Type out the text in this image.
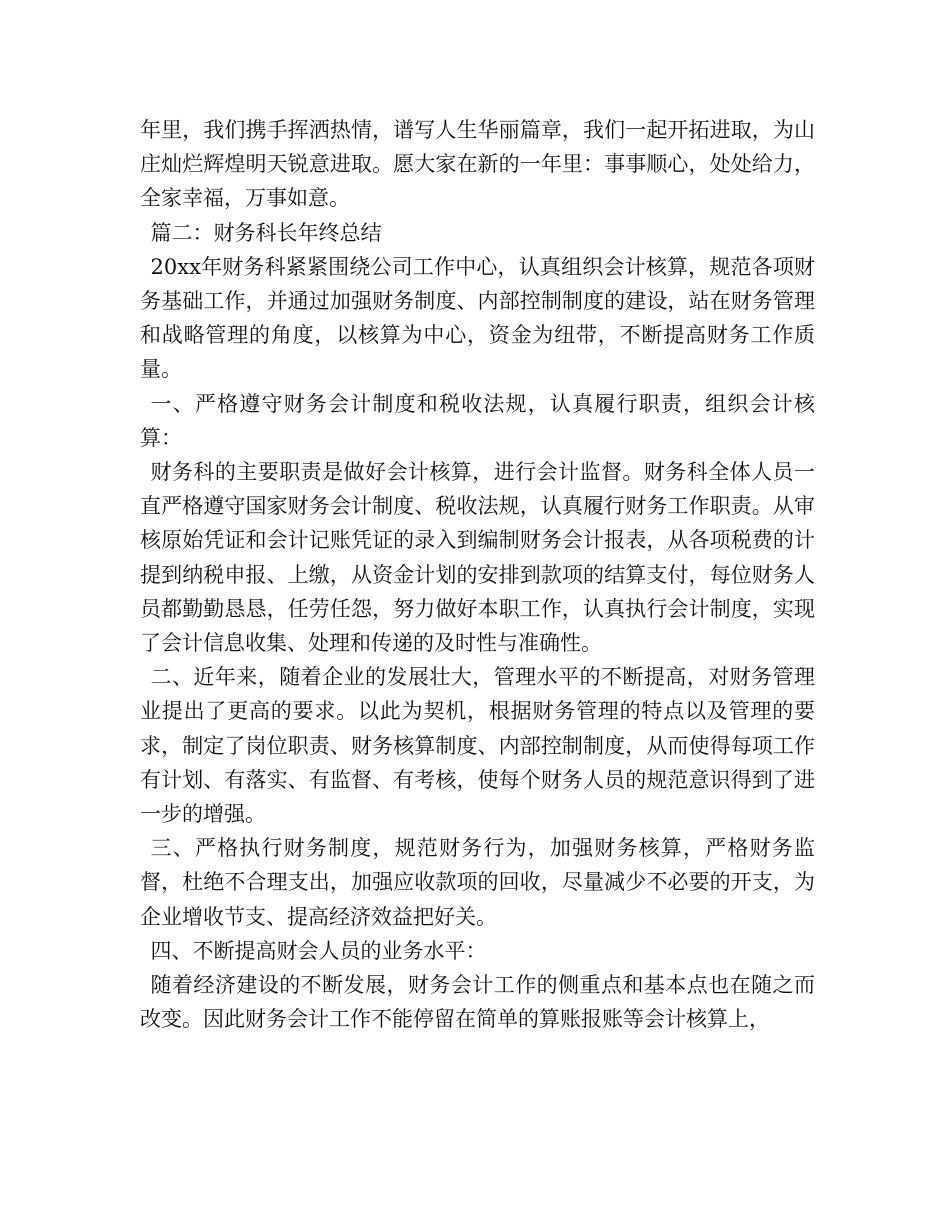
年里，我们携手挥洒热情，谱写人生华丽篇章，我们一起开拓进取，为山庄灿烂辉煌明天锐意进取。愿大家在新的一年里：事事顺心，处处给力，全家幸福，万事如意。

篇二：财务科长年终总结

20xx年财务科紧紧围绕公司工作中心，认真组织会计核算，规范各项财务基础工作，并通过加强财务制度、内部控制制度的建设，站在财务管理和战略管理的角度，以核算为中心，资金为纽带，不断提高财务工作质量。

一、严格遵守财务会计制度和税收法规，认真履行职责，组织会计核算：

财务科的主要职责是做好会计核算，进行会计监督。财务科全体人员一直严格遵守国家财务会计制度、税收法规，认真履行财务工作职责。从审核原始凭证和会计记账凭证的录入到编制财务会计报表，从各项税费的计提到纳税申报、上缴，从资金计划的安排到款项的结算支付，每位财务人员都勤勤恳恳，任劳任怨，努力做好本职工作，认真执行会计制度，实现了会计信息收集、处理和传递的及时性与准确性。

二、近年来，随着企业的发展壮大，管理水平的不断提高，对财务管理业提出了更高的要求。以此为契机，根据财务管理的特点以及管理的要求，制定了岗位职责、财务核算制度、内部控制制度，从而使得每项工作有计划、有落实、有监督、有考核，使每个财务人员的规范意识得到了进一步的增强。

三、严格执行财务制度，规范财务行为，加强财务核算，严格财务监督，杜绝不合理支出，加强应收款项的回收，尽量减少不必要的开支，为企业增收节支、提高经济效益把好关。

四、不断提高财会人员的业务水平：

随着经济建设的不断发展，财务会计工作的侧重点和基本点也在随之而改变。因此财务会计工作不能停留在简单的算账报账等会计核算上，
